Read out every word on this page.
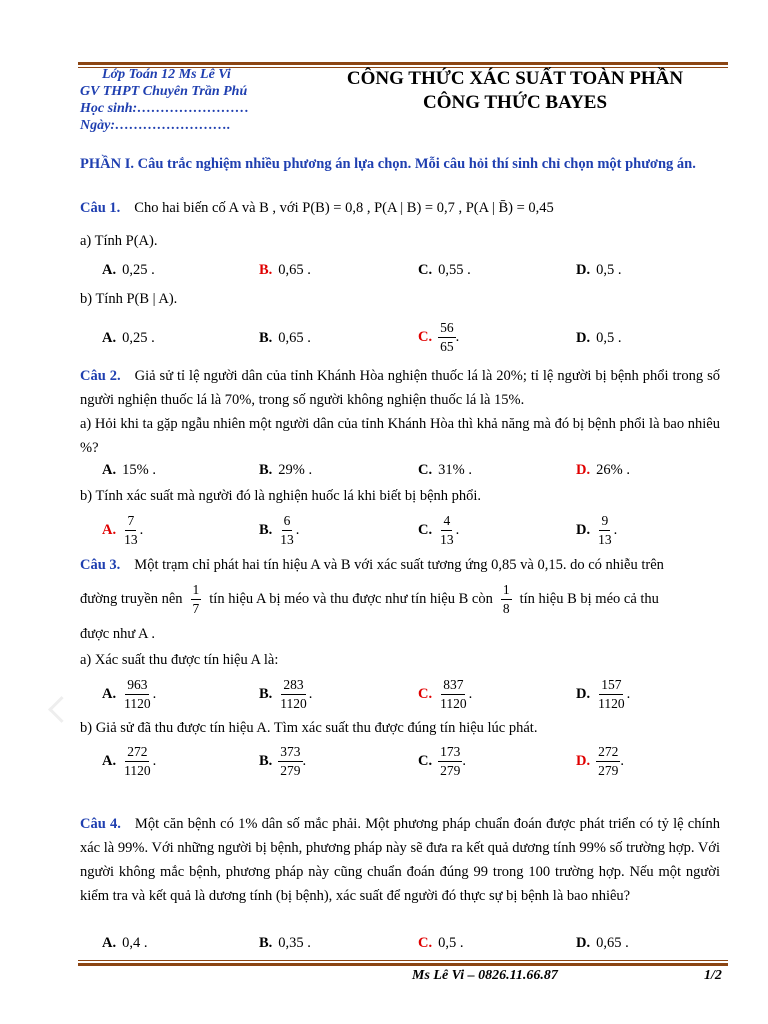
Lớp Toán 12 Ms Lê Vi
GV THPT Chuyên Trần Phú
Học sinh:……………………
Ngày:…………………….
CÔNG THỨC XÁC SUẤT TOÀN PHẦN
CÔNG THỨC BAYES
PHẦN I. Câu trắc nghiệm nhiều phương án lựa chọn. Mỗi câu hỏi thí sinh chỉ chọn một phương án.
Câu 1. Cho hai biến cố A và B , với P(B) = 0,8 , P(A | B) = 0,7 , P(A | B̄) = 0,45
a) Tính P(A).
A. 0,25 .	B. 0,65 .	C. 0,55 .	D. 0,5 .
b) Tính P(B | A).
A. 0,25 .	B. 0,65 .	C. $\frac{56}{65}$ .	D. 0,5 .
Câu 2. Giả sử tỉ lệ người dân của tỉnh Khánh Hòa nghiện thuốc lá là 20%; tỉ lệ người bị bệnh phổi trong số người nghiện thuốc lá là 70%, trong số người không nghiện thuốc lá là 15%.
a) Hỏi khi ta gặp ngẫu nhiên một người dân của tỉnh Khánh Hòa thì khả năng mà đó bị bệnh phổi là bao nhiêu %?
A. 15% .	B. 29% .	C. 31% .	D. 26% .
b) Tính xác suất mà người đó là nghiện huốc lá khi biết bị bệnh phổi.
A. $\frac{7}{13}$ .	B. $\frac{6}{13}$ .	C. $\frac{4}{13}$ .	D. $\frac{9}{13}$ .
Câu 3. Một trạm chỉ phát hai tín hiệu A và B với xác suất tương ứng 0,85 và 0,15. do có nhiễu trên
đường truyền nên $\frac{1}{7}$ tín hiệu A bị méo và thu được như tín hiệu B còn $\frac{1}{8}$ tín hiệu B bị méo cả thu
được như A .
a) Xác suất thu được tín hiệu A là:
A. $\frac{963}{1120}$ .	B. $\frac{283}{1120}$ .	C. $\frac{837}{1120}$ .	D. $\frac{157}{1120}$ .
b) Giả sử đã thu được tín hiệu A. Tìm xác suất thu được đúng tín hiệu lúc phát.
A. $\frac{272}{1120}$ .	B. $\frac{373}{279}$ .	C. $\frac{173}{279}$ .	D. $\frac{272}{279}$ .
Câu 4. Một căn bệnh có 1% dân số mắc phải. Một phương pháp chuẩn đoán được phát triển có tỷ lệ chính xác là 99%. Với những người bị bệnh, phương pháp này sẽ đưa ra kết quả dương tính 99% số trường hợp. Với người không mắc bệnh, phương pháp này cũng chuẩn đoán đúng 99 trong 100 trường hợp. Nếu một người kiểm tra và kết quả là dương tính (bị bệnh), xác suất để người đó thực sự bị bệnh là bao nhiêu?
A. 0,4 .	B. 0,35 .	C. 0,5 .	D. 0,65 .
Ms Lê Vi – 0826.11.66.87	1/2
